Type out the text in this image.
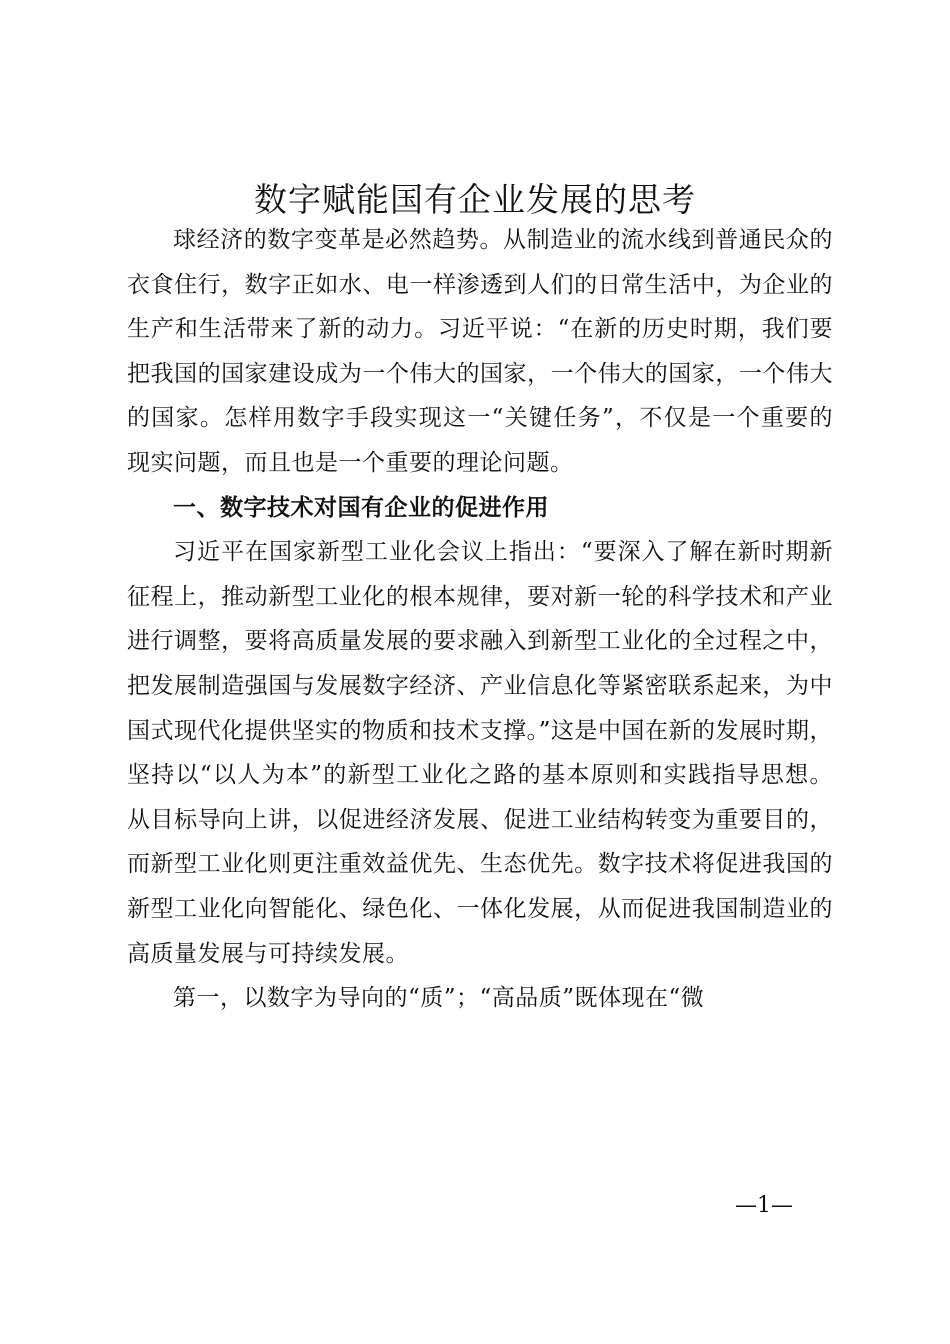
数字赋能国有企业发展的思考

球经济的数字变革是必然趋势。从制造业的流水线到普通民众的衣食住行，数字正如水、电一样渗透到人们的日常生活中，为企业的生产和生活带来了新的动力。习近平说：“在新的历史时期，我们要把我国的国家建设成为一个伟大的国家，一个伟大的国家，一个伟大的国家。怎样用数字手段实现这一“关键任务”，不仅是一个重要的现实问题，而且也是一个重要的理论问题。

一、数字技术对国有企业的促进作用

习近平在国家新型工业化会议上指出：“要深入了解在新时期新征程上，推动新型工业化的根本规律，要对新一轮的科学技术和产业进行调整，要将高质量发展的要求融入到新型工业化的全过程之中，把发展制造强国与发展数字经济、产业信息化等紧密联系起来，为中国式现代化提供坚实的物质和技术支撑。”这是中国在新的发展时期，坚持以“以人为本”的新型工业化之路的基本原则和实践指导思想。从目标导向上讲，以促进经济发展、促进工业结构转变为重要目的，而新型工业化则更注重效益优先、生态优先。数字技术将促进我国的新型工业化向智能化、绿色化、一体化发展，从而促进我国制造业的高质量发展与可持续发展。

第一，以数字为导向的“质”；“高品质”既体现在“微

—1—
